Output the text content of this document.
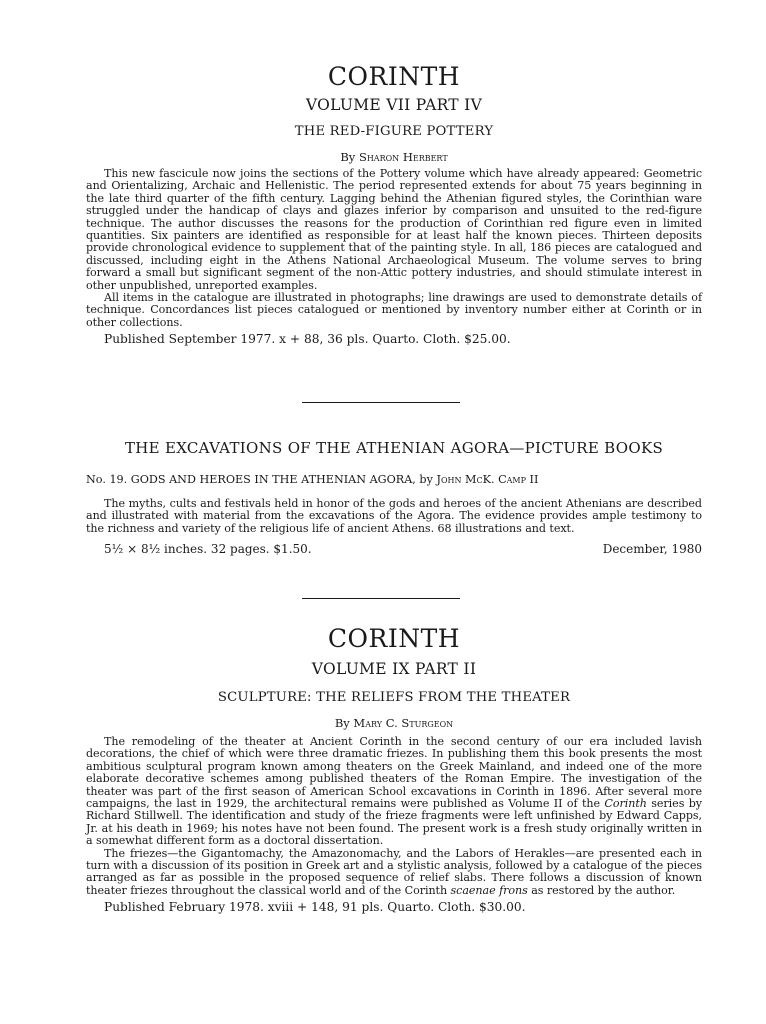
CORINTH
VOLUME VII PART IV
THE RED-FIGURE POTTERY

By Sharon Herbert

This new fascicule now joins the sections of the Pottery volume which have already appeared: Geometric and Orientalizing, Archaic and Hellenistic. The period represented extends for about 75 years beginning in the late third quarter of the fifth century. Lagging behind the Athenian figured styles, the Corinthian ware struggled under the handicap of clays and glazes inferior by comparison and unsuited to the red-figure technique. The author discusses the reasons for the production of Corinthian red figure even in limited quantities. Six painters are identified as responsible for at least half the known pieces. Thirteen deposits provide chronological evidence to supplement that of the painting style. In all, 186 pieces are catalogued and discussed, including eight in the Athens National Archaeological Museum. The volume serves to bring forward a small but significant segment of the non-Attic pottery industries, and should stimulate interest in other unpublished, unreported examples.

All items in the catalogue are illustrated in photographs; line drawings are used to demonstrate details of technique. Concordances list pieces catalogued or mentioned by inventory number either at Corinth or in other collections.

Published September 1977. x + 88, 36 pls. Quarto. Cloth. $25.00.

THE EXCAVATIONS OF THE ATHENIAN AGORA—PICTURE BOOKS

No. 19. GODS AND HEROES IN THE ATHENIAN AGORA, by John McK. Camp II

The myths, cults and festivals held in honor of the gods and heroes of the ancient Athenians are described and illustrated with material from the excavations of the Agora. The evidence provides ample testimony to the richness and variety of the religious life of ancient Athens. 68 illustrations and text.

5½ × 8½ inches. 32 pages. $1.50.	December, 1980
CORINTH
VOLUME IX PART II
SCULPTURE: THE RELIEFS FROM THE THEATER

By Mary C. Sturgeon

The remodeling of the theater at Ancient Corinth in the second century of our era included lavish decorations, the chief of which were three dramatic friezes. In publishing them this book presents the most ambitious sculptural program known among theaters on the Greek Mainland, and indeed one of the more elaborate decorative schemes among published theaters of the Roman Empire. The investigation of the theater was part of the first season of American School excavations in Corinth in 1896. After several more campaigns, the last in 1929, the architectural remains were published as Volume II of the Corinth series by Richard Stillwell. The identification and study of the frieze fragments were left unfinished by Edward Capps, Jr. at his death in 1969; his notes have not been found. The present work is a fresh study originally written in a somewhat different form as a doctoral dissertation.

The friezes—the Gigantomachy, the Amazonomachy, and the Labors of Herakles—are presented each in turn with a discussion of its position in Greek art and a stylistic analysis, followed by a catalogue of the pieces arranged as far as possible in the proposed sequence of relief slabs. There follows a discussion of known theater friezes throughout the classical world and of the Corinth scaenae frons as restored by the author.

Published February 1978. xviii + 148, 91 pls. Quarto. Cloth. $30.00.
